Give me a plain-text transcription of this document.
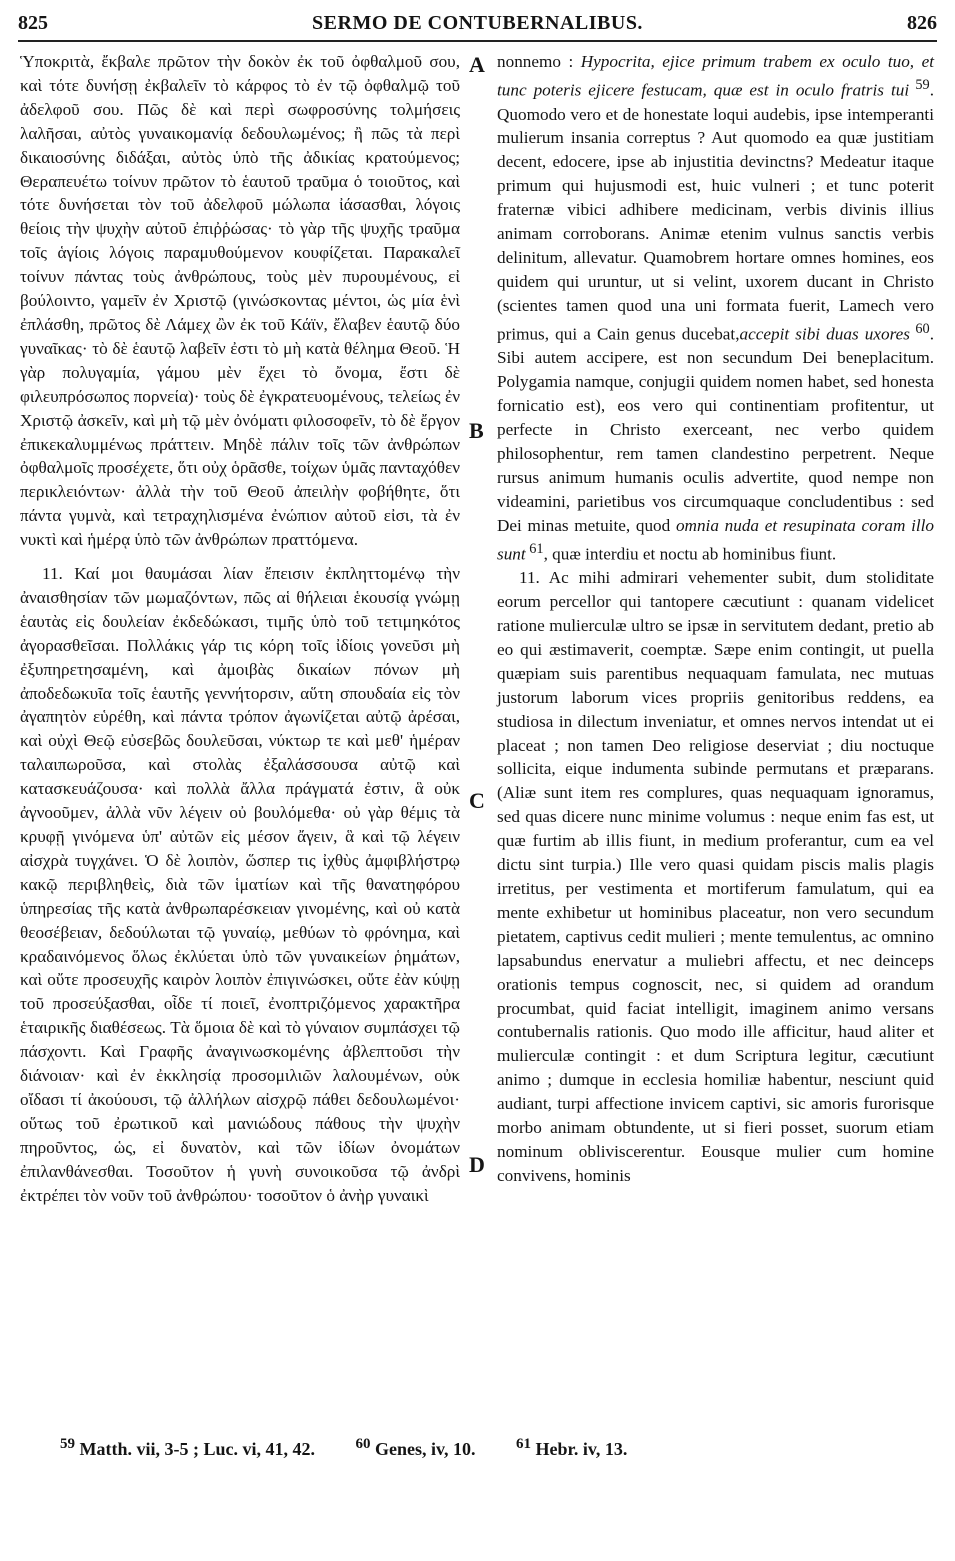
825	SERMO DE CONTUBERNALIBUS.	826

Ὑποκριτὰ, ἔκβαλε πρῶτον τὴν δοκὸν ἐκ τοῦ ὀφθαλμοῦ σου, καὶ τότε δυνήσῃ ἐκβαλεῖν τὸ κάρφος τὸ ἐν τῷ ὀφθαλμῷ τοῦ ἀδελφοῦ σου. Πῶς δὲ καὶ περὶ σωφροσύνης τολμήσεις λαλῆσαι, αὐτὸς γυναικομανίᾳ δεδουλωμένος; ἢ πῶς τὰ περὶ δικαιοσύνης διδάξαι, αὐτὸς ὑπὸ τῆς ἀδικίας κρατούμενος; Θεραπευέτω τοίνυν πρῶτον τὸ ἑαυτοῦ τραῦμα ὁ τοιοῦτος, καὶ τότε δυνήσεται τὸν τοῦ ἀδελφοῦ μώλωπα ἰάσασθαι, λόγοις θείοις τὴν ψυχὴν αὐτοῦ ἐπιῤῥώσας· τὸ γὰρ τῆς ψυχῆς τραῦμα τοῖς ἁγίοις λόγοις παραμυθούμενον κουφίζεται. Παρακαλεῖ τοίνυν πάντας τοὺς ἀνθρώπους, τοὺς μὲν πυρουμένους, εἰ βούλοιντο, γαμεῖν ἐν Χριστῷ (γινώσκοντας μέντοι, ὡς μία ἑνὶ ἐπλάσθη, πρῶτος δὲ Λάμεχ ὢν ἐκ τοῦ Κάϊν, ἔλαβεν ἑαυτῷ δύο γυναῖκας· τὸ δὲ ἑαυτῷ λαβεῖν ἐστι τὸ μὴ κατὰ θέλημα Θεοῦ. Ἡ γὰρ πολυγαμία, γάμου μὲν ἔχει τὸ ὄνομα, ἔστι δὲ φιλευπρόσωπος πορνεία)· τοὺς δὲ ἐγκρατευομένους, τελείως ἐν Χριστῷ ἀσκεῖν, καὶ μὴ τῷ μὲν ὀνόματι φιλοσοφεῖν, τὸ δὲ ἔργον ἐπικεκαλυμμένως πράττειν. Μηδὲ πάλιν τοῖς τῶν ἀνθρώπων ὀφθαλμοῖς προσέχετε, ὅτι οὐχ ὁρᾶσθε, τοίχων ὑμᾶς πανταχόθεν περικλειόντων· ἀλλὰ τὴν τοῦ Θεοῦ ἀπειλὴν φοβήθητε, ὅτι πάντα γυμνὰ, καὶ τετραχηλισμένα ἐνώπιον αὐτοῦ εἰσι, τὰ ἐν νυκτὶ καὶ ἡμέρᾳ ὑπὸ τῶν ἀνθρώπων πραττόμενα.

11. Καί μοι θαυμάσαι λίαν ἔπεισιν ἐκπληττομένῳ τὴν ἀναισθησίαν τῶν μωμαζόντων, πῶς αἱ θήλειαι ἑκουσίᾳ γνώμῃ ἑαυτὰς εἰς δουλείαν ἐκδεδώκασι, τιμῆς ὑπὸ τοῦ τετιμηκότος ἀγορασθεῖσαι. Πολλάκις γάρ τις κόρη τοῖς ἰδίοις γονεῦσι μὴ ἐξυπηρετησαμένη, καὶ ἀμοιβὰς δικαίων πόνων μὴ ἀποδεδωκυῖα τοῖς ἑαυτῆς γεννήτορσιν, αὕτη σπουδαία εἰς τὸν ἀγαπητὸν εὑρέθη, καὶ πάντα τρόπον ἀγωνίζεται αὐτῷ ἀρέσαι, καὶ οὐχὶ Θεῷ εὐσεβῶς δουλεῦσαι, νύκτωρ τε καὶ μεθ' ἡμέραν ταλαιπωροῦσα, καὶ στολὰς ἐξαλάσσουσα αὐτῷ καὶ κατασκευάζουσα· καὶ πολλὰ ἄλλα πράγματά ἐστιν, ἃ οὐκ ἀγνοοῦμεν, ἀλλὰ νῦν λέγειν οὐ βουλόμεθα· οὐ γὰρ θέμις τὰ κρυφῇ γινόμενα ὑπ' αὐτῶν εἰς μέσον ἄγειν, ἃ καὶ τῷ λέγειν αἰσχρὰ τυγχάνει. Ὁ δὲ λοιπὸν, ὥσπερ τις ἰχθὺς ἀμφιβλήστρῳ κακῷ περιβληθεὶς, διὰ τῶν ἱματίων καὶ τῆς θανατηφόρου ὑπηρεσίας τῆς κατὰ ἀνθρωπαρέσκειαν γινομένης, καὶ οὐ κατὰ θεοσέβειαν, δεδούλωται τῷ γυναίῳ, μεθύων τὸ φρόνημα, καὶ κραδαινόμενος ὅλως ἐκλύεται ὑπὸ τῶν γυναικείων ῥημάτων, καὶ οὔτε προσευχῆς καιρὸν λοιπὸν ἐπιγινώσκει, οὔτε ἐὰν κύψῃ τοῦ προσεύξασθαι, οἶδε τί ποιεῖ, ἐνοπτριζόμενος χαρακτῆρα ἑταιρικῆς διαθέσεως. Τὰ ὅμοια δὲ καὶ τὸ γύναιον συμπάσχει τῷ πάσχοντι. Καὶ Γραφῆς ἀναγινωσκομένης ἀβλεπτοῦσι τὴν διάνοιαν· καὶ ἐν ἐκκλησίᾳ προσομιλιῶν λαλουμένων, οὐκ οἴδασι τί ἀκούουσι, τῷ ἀλλήλων αἰσχρῷ πάθει δεδουλωμένοι· οὕτως τοῦ ἐρωτικοῦ καὶ μανιώδους πάθους τὴν ψυχὴν πηροῦντος, ὡς, εἰ δυνατὸν, καὶ τῶν ἰδίων ὀνομάτων ἐπιλανθάνεσθαι. Τοσοῦτον ἡ γυνὴ συνοικοῦσα τῷ ἀνδρὶ ἐκτρέπει τὸν νοῦν τοῦ ἀνθρώπου· τοσοῦτον ὁ ἀνὴρ γυναικὶ

A
B
C
D

nonnemo : Hypocrita, ejice primum trabem ex oculo tuo, et tunc poteris ejicere festucam, quæ est in oculo fratris tui $^{59}$. Quomodo vero et de honestate loqui audebis, ipse intemperanti mulierum insania correptus ? Aut quomodo ea quæ justitiam decent, edocere, ipse ab injustitia devinctns? Medeatur itaque primum qui hujusmodi est, huic vulneri ; et tunc poterit fraternæ vibici adhibere medicinam, verbis divinis illius animam corroborans. Animæ etenim vulnus sanctis verbis delinitum, allevatur. Quamobrem hortare omnes homines, eos quidem qui uruntur, ut si velint, uxorem ducant in Christo (scientes tamen quod una uni formata fuerit, Lamech vero primus, qui a Cain genus ducebat,accepit sibi duas uxores $^{60}$. Sibi autem accipere, est non secundum Dei beneplacitum. Polygamia namque, conjugii quidem nomen habet, sed honesta fornicatio est), eos vero qui continentiam profitentur, ut perfecte in Christo exerceant, nec verbo quidem philosophentur, rem tamen clandestino perpetrent. Neque rursus animum humanis oculis advertite, quod nempe non videamini, parietibus vos circumquaque concludentibus : sed Dei minas metuite, quod omnia nuda et resupinata coram illo sunt $^{61}$, quæ interdiu et noctu ab hominibus fiunt.

11. Ac mihi admirari vehementer subit, dum stoliditate eorum percellor qui tantopere cæcutiunt : quanam videlicet ratione mulierculæ ultro se ipsæ in servitutem dedant, pretio ab eo qui æstimaverit, coemptæ. Sæpe enim contingit, ut puella quæpiam suis parentibus nequaquam famulata, nec mutuas justorum laborum vices propriis genitoribus reddens, ea studiosa in dilectum inveniatur, et omnes nervos intendat ut ei placeat ; non tamen Deo religiose deserviat ; diu noctuque sollicita, eique indumenta subinde permutans et præparans. (Aliæ sunt item res complures, quas nequaquam ignoramus, sed quas dicere nunc minime volumus : neque enim fas est, ut quæ furtim ab illis fiunt, in medium proferantur, cum ea vel dictu sint turpia.) Ille vero quasi quidam piscis malis plagis irretitus, per vestimenta et mortiferum famulatum, qui ea mente exhibetur ut hominibus placeatur, non vero secundum pietatem, captivus cedit mulieri ; mente temulentus, ac omnino lapsabundus enervatur a muliebri affectu, et nec deinceps orationis tempus cognoscit, nec, si quidem ad orandum procumbat, quid faciat intelligit, imaginem animo versans contubernalis rationis. Quo modo ille afficitur, haud aliter et mulierculæ contingit : et dum Scriptura legitur, cæcutiunt animo ; dumque in ecclesia homiliæ habentur, nesciunt quid audiant, turpi affectione invicem captivi, sic amoris furorisque morbo animam obtundente, ut si fieri posset, suorum etiam nominum obliviscerentur. Eousque mulier cum homine convivens, hominis

$^{59}$ Matth. vii, 3-5 ; Luc. vi, 41, 42.	$^{60}$ Genes, iv, 10.	$^{61}$ Hebr. iv, 13.
